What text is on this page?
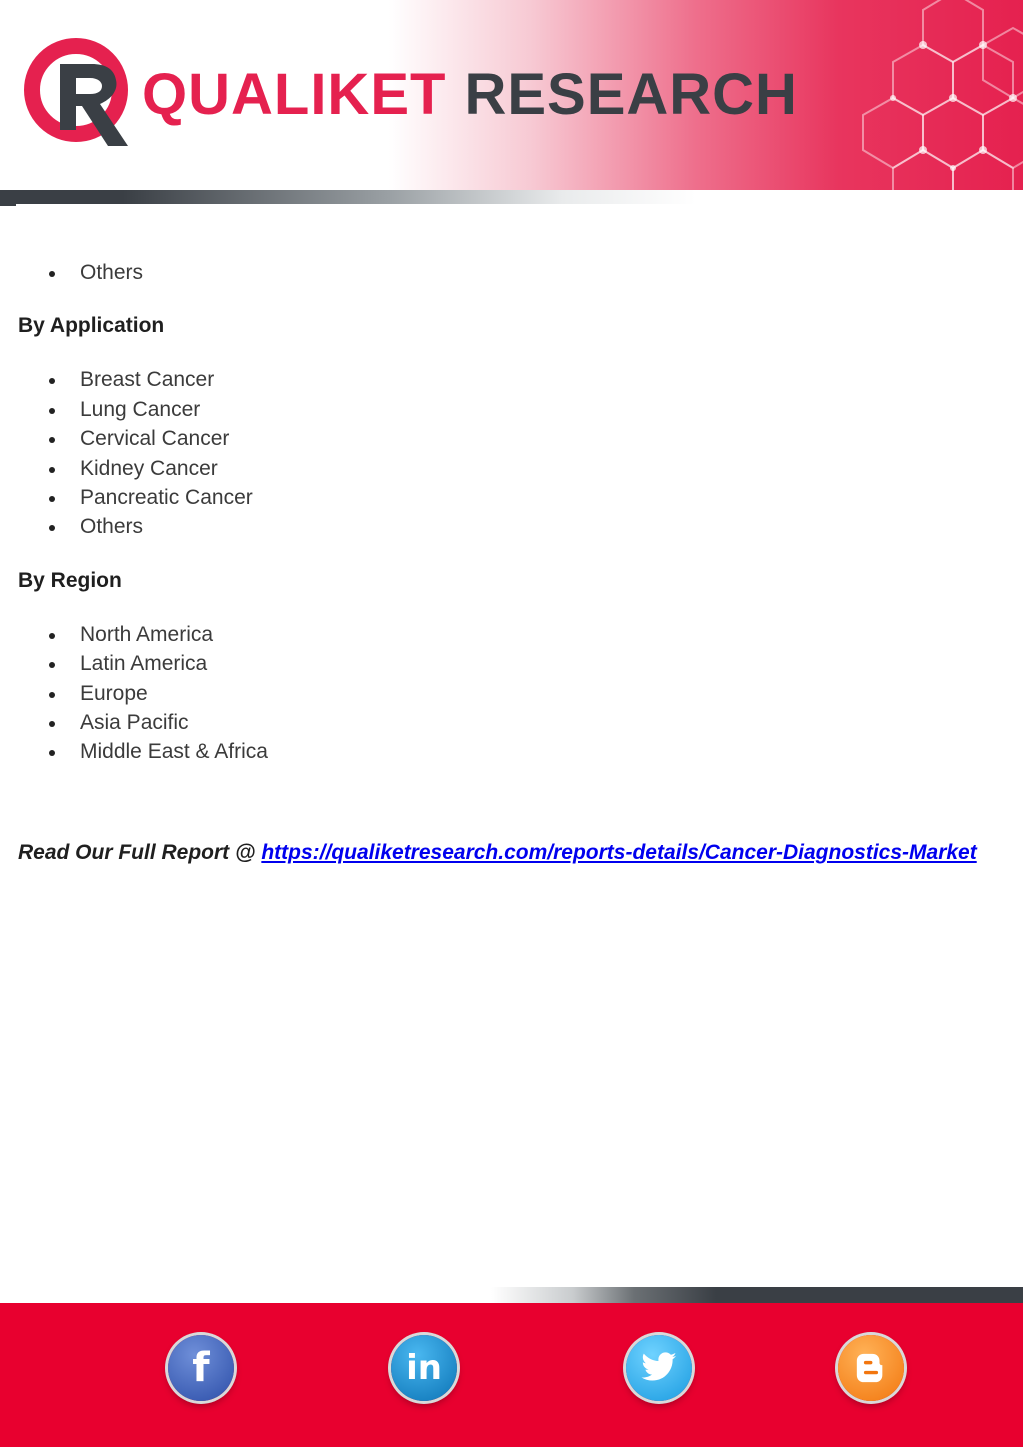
QUALIKET RESEARCH
Others

By Application

Breast Cancer
Lung Cancer
Cervical Cancer
Kidney Cancer
Pancreatic Cancer
Others

By Region

North America
Latin America
Europe
Asia Pacific
Middle East & Africa
Read Our Full Report @ https://qualiketresearch.com/reports-details/Cancer-Diagnostics-Market
f	in
